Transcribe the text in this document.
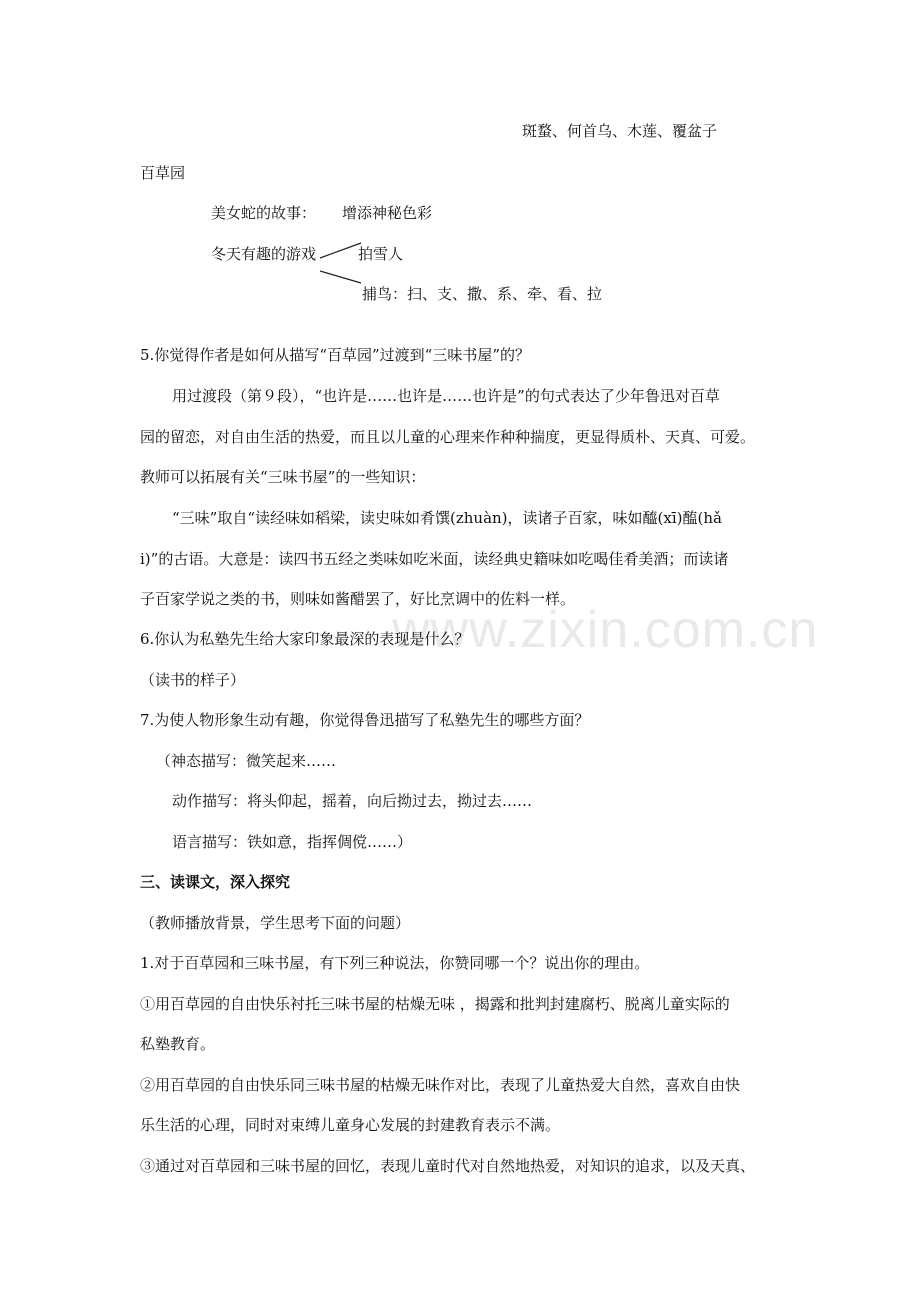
www.zixin.com.cn
斑蝥、何首乌、木莲、覆盆子
百草园
美女蛇的故事： 增添神秘色彩
冬天有趣的游戏	拍雪人
捕鸟：扫、支、撒、系、牵、看、拉
5.你觉得作者是如何从描写“百草园”过渡到“三味书屋”的？
用过渡段（第９段），“也许是……也许是……也许是”的句式表达了少年鲁迅对百草
园的留恋，对自由生活的热爱，而且以儿童的心理来作种种揣度，更显得质朴、天真、可爱。
教师可以拓展有关“三味书屋”的一些知识：
“三味”取自“读经味如稻梁，读史味如肴馔(zhuàn)，读诸子百家，味如醯(xī)醢(hǎ
i)”的古语。大意是：读四书五经之类味如吃米面，读经典史籍味如吃喝佳肴美酒；而读诸
子百家学说之类的书，则味如酱醋罢了，好比烹调中的佐料一样。
6.你认为私塾先生给大家印象最深的表现是什么？
（读书的样子）
7.为使人物形象生动有趣，你觉得鲁迅描写了私塾先生的哪些方面？
（神态描写：微笑起来……
动作描写：将头仰起，摇着，向后拗过去，拗过去……
语言描写：铁如意，指挥倜傥……）
三、读课文，深入探究
（教师播放背景，学生思考下面的问题）
1.对于百草园和三味书屋，有下列三种说法，你赞同哪一个？说出你的理由。
①用百草园的自由快乐衬托三味书屋的枯燥无味 ，揭露和批判封建腐朽、脱离儿童实际的
私塾教育。
②用百草园的自由快乐同三味书屋的枯燥无味作对比，表现了儿童热爱大自然，喜欢自由快
乐生活的心理，同时对束缚儿童身心发展的封建教育表示不满。
③通过对百草园和三味书屋的回忆，表现儿童时代对自然地热爱，对知识的追求，以及天真、
